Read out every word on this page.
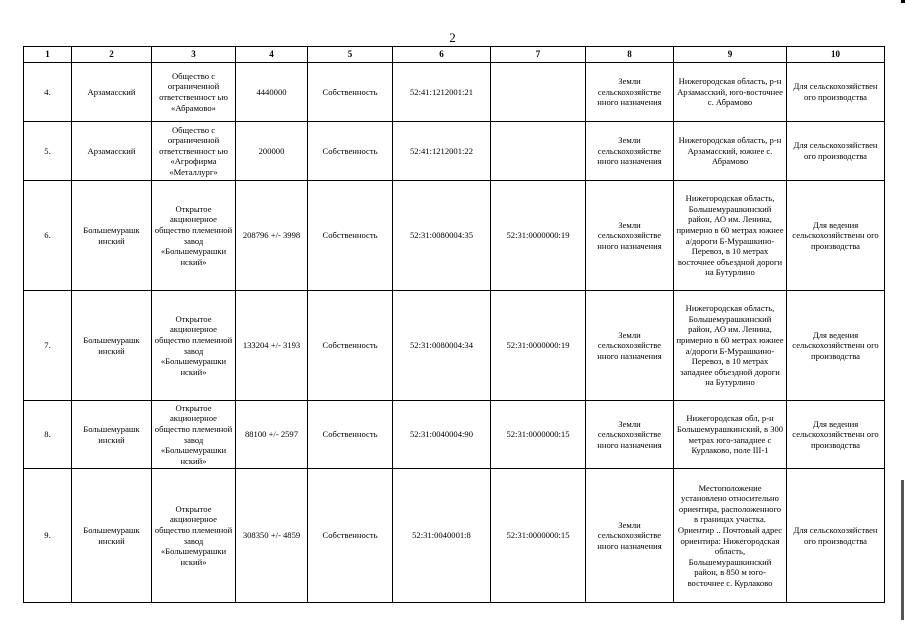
2
1	2	3	4	5	6	7	8	9	10
4.	Арзамасский	Общество с ограниченной ответственност ью «Абрамово»	4440000	Собственность	52:41:1212001:21		Земли сельскохозяйстве нного назначения	Нижегородская область, р-н Арзамасский, юго-восточнее с. Абрамово	Для сельскохозяйствен ого производства
5.	Арзамасский	Общество с ограниченной ответственност ью «Агрофирма «Металлург»	200000	Собственность	52:41:1212001:22		Земли сельскохозяйстве нного назначения	Нижегородская область, р-н Арзамасский, южнее с. Абрамово	Для сельскохозяйствен ого производства
6.	Большемурашк инский	Открытое акционерное общество племенной завод «Большемурашки нский»	208796 +/- 3998	Собственность	52:31:0080004:35	52:31:0000000:19	Земли сельскохозяйстве нного назначения	Нижегородская область, Большемурашкинский район, АО им. Ленина, примерно в 60 метрах южнее а/дороги Б-Мурашкино-Перевоз, в 10 метрах восточнее объездной дороги на Бутурлино	Для ведения сельскохозяйственн ого производства
7.	Большемурашк инский	Открытое акционерное общество племенной завод «Большемурашки нский»	133204 +/- 3193	Собственность	52:31:0080004:34	52:31:0000000:19	Земли сельскохозяйстве нного назначения	Нижегородская область, Большемурашкинский район, АО им. Ленина, примерно в 60 метрах южнее а/дороги Б-Мурашкино-Перевоз, в 10 метрах западнее объездной дороги на Бутурлино	Для ведения сельскохозяйственн ого производства
8.	Большемурашк инский	Открытое акционерное общество племенной завод «Большемурашки нский»	88100 +/- 2597	Собственность	52:31:0040004:90	52:31:0000000:15	Земли сельскохозяйстве нного назначения	Нижегородская обл, р-н Большемурашкинский, в 300 метрах юго-западнее с Курлаково, поле III-1	Для ведения сельскохозяйственн ого производства
9.	Большемурашк инский	Открытое акционерное общество племенной завод «Большемурашки нский»	308350 +/- 4859	Собственность	52:31:0040001:8	52:31:0000000:15	Земли сельскохозяйстве нного назначения	Местоположение установлено относительно ориентира, расположенного в границах участка. Ориентир .. Почтовый адрес ориентира: Нижегородская область, Большемурашкинский район, в 850 м юго-восточнее с. Курлаково	Для сельскохозяйствен ого производства
